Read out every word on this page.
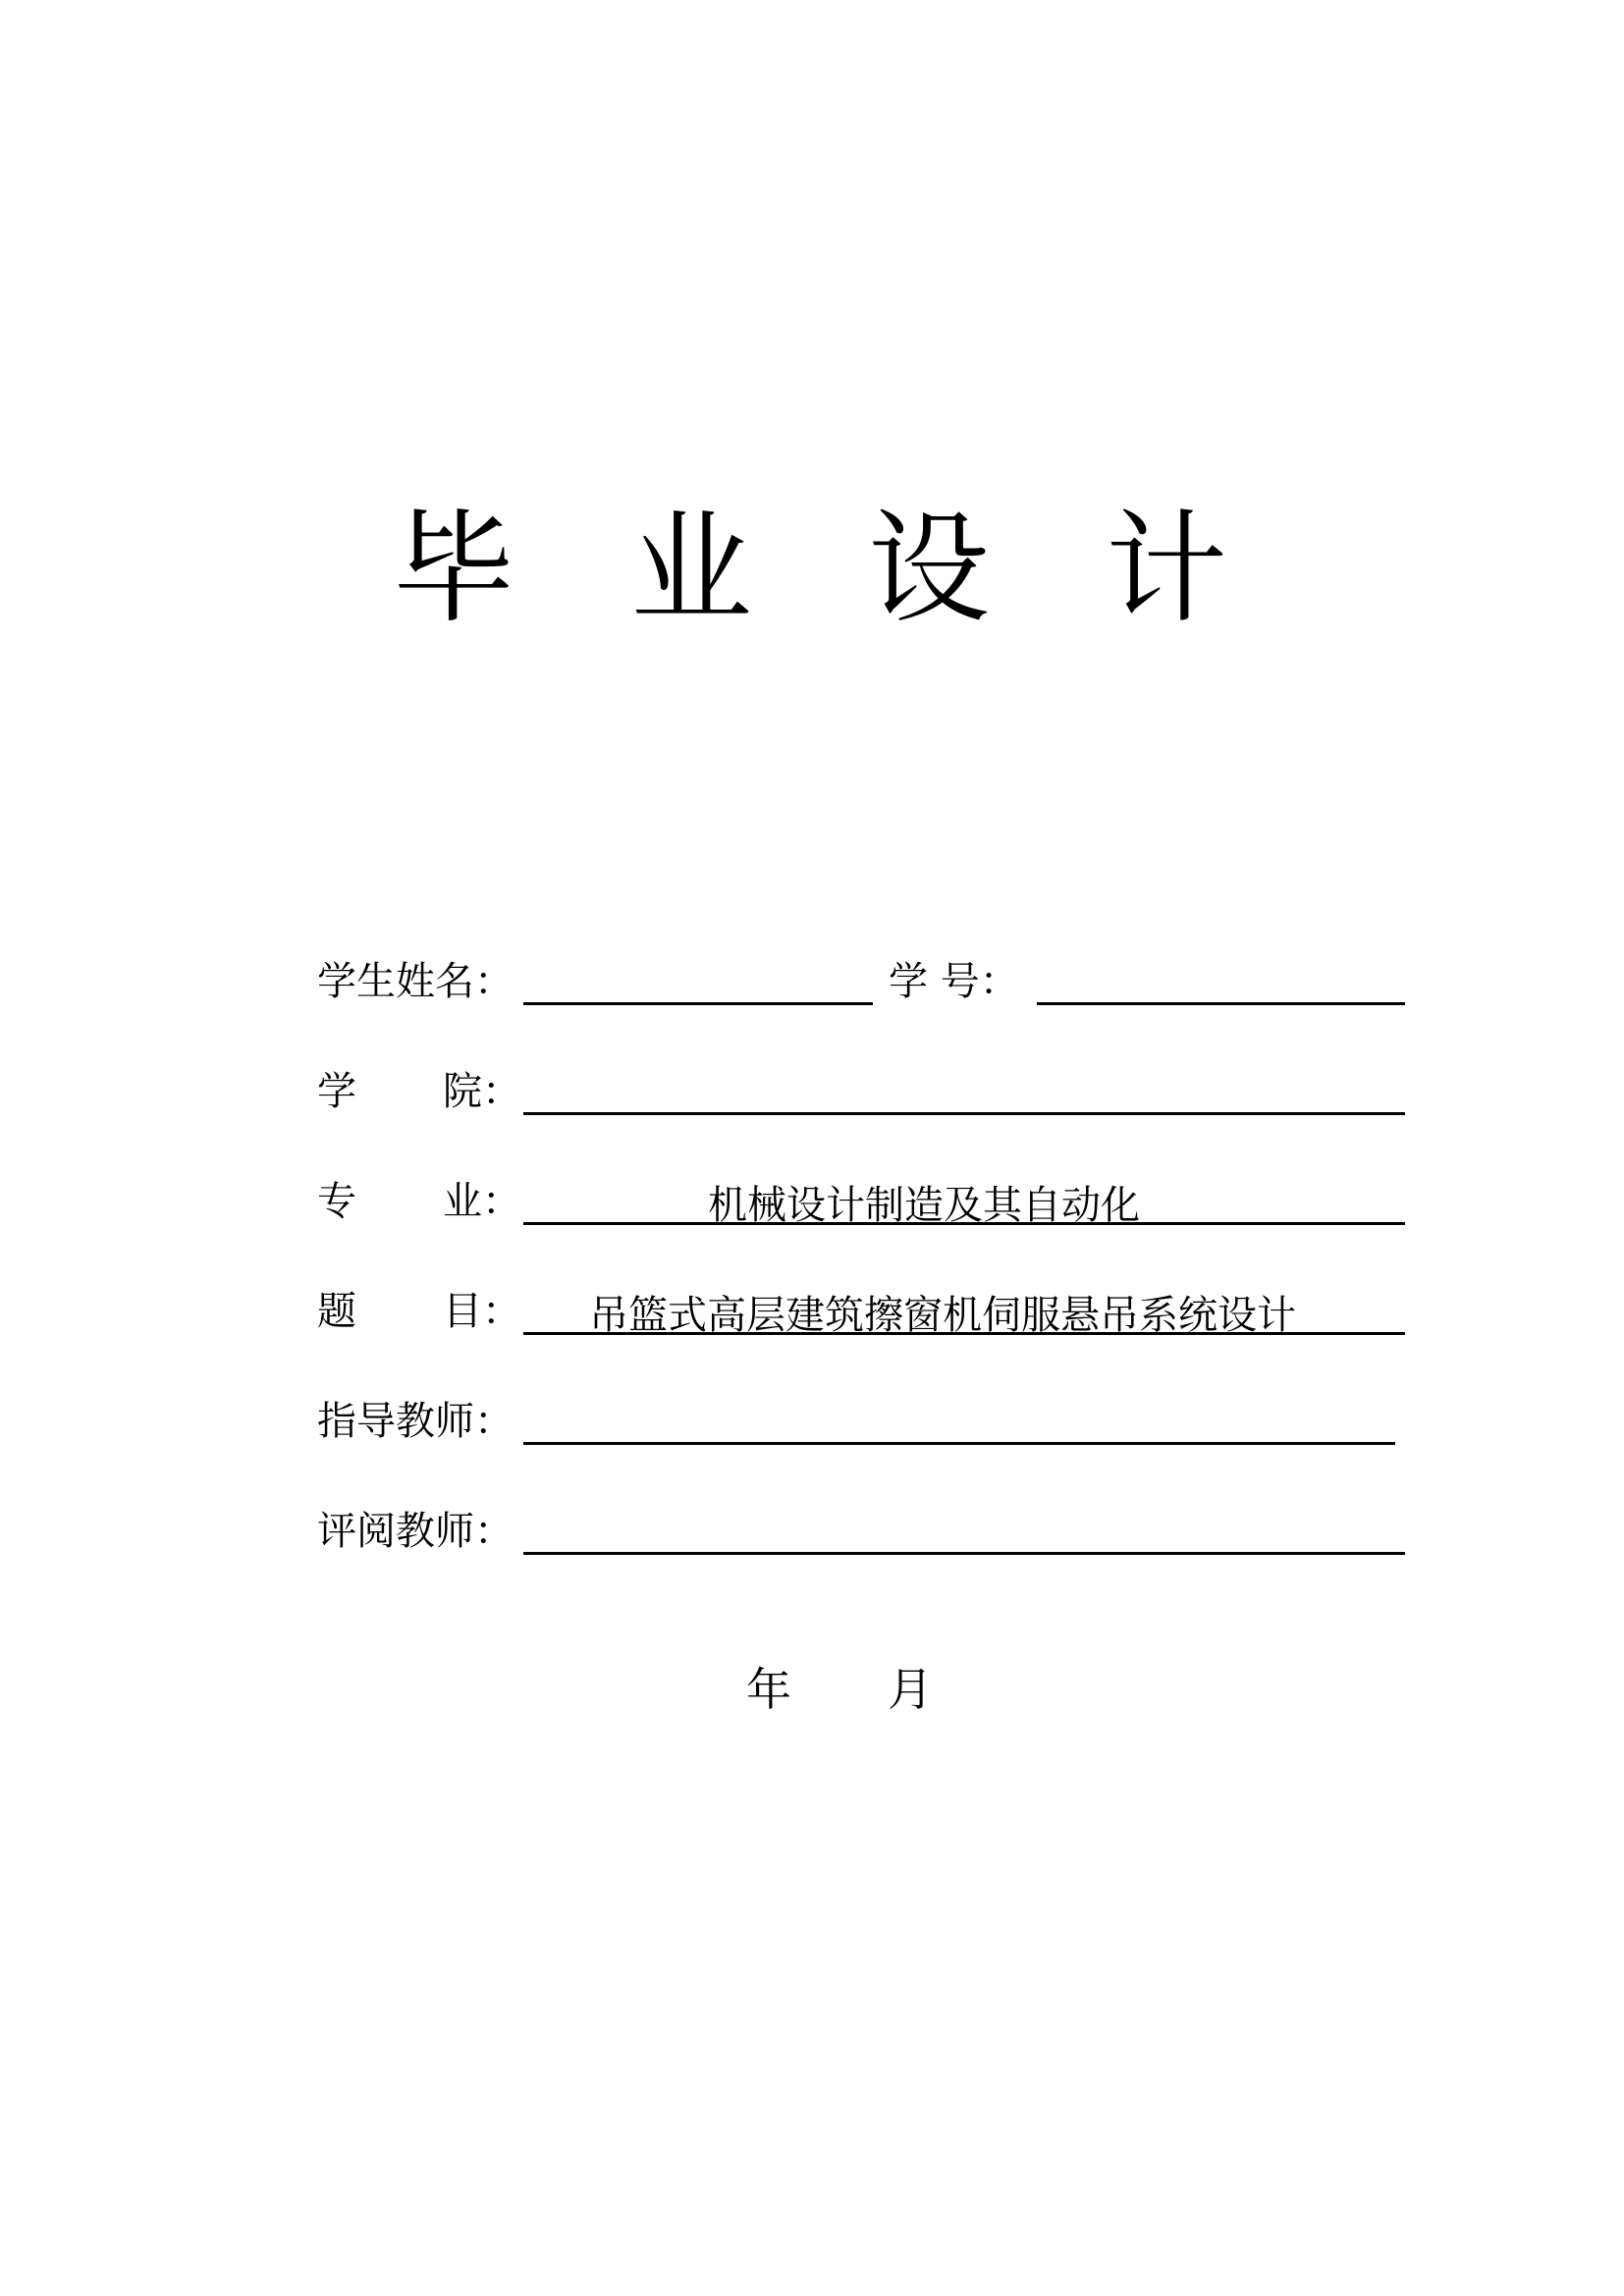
毕 业 设 计
学生姓名：	学 号：
学 院：
专 业：	机械设计制造及其自动化
题 目： 吊篮式高层建筑擦窗机伺服悬吊系统设计
指导教师：
评阅教师：
年 月
